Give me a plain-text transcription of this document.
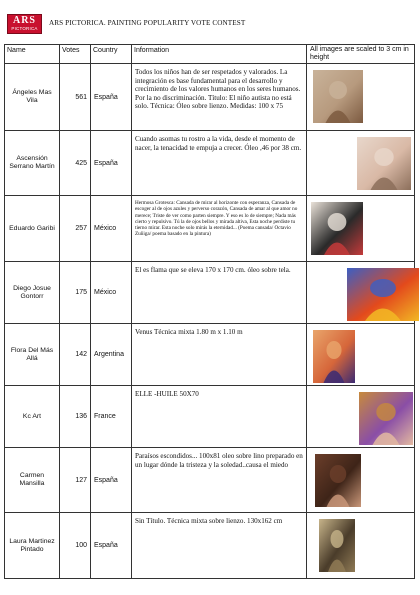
ARS
PICTORICA
ARS PICTORICA. PAINTING POPULARITY VOTE CONTEST
Name	Votes	Country	Information	All images are scaled to 3 cm in height
Ángeles Mas Vila	561	España	Todos los niños han de ser respetados y valorados. La integración es base fundamental para el desarrollo y crecimiento de los valores humanos en los seres humanos. Por la no discriminación. Título: El niño autista no está solo. Técnica: Óleo sobre lienzo. Medidas: 100 x 75	

Ascensión Serrano Martín	425	España	Cuando asomas tu rostro a la vida, desde el momento de nacer, la tenacidad te empuja a crecer. Óleo ,46 por 38 cm.	

Eduardo Garibi	257	México	Hermosa Grotesca: Cansada de mirar al horizonte con esperanza, Cansada de escoger al de ojos azules y perverso corazón, Cansada de amar al que amor no merece; Triste de ver como parten siempre. Y eso es lo de siempre; Nada más cierto y repulsivo. Tú la de ojos bellos y mirada altiva, Esta noche perdiste tu tierno mirar. Esta noche solo mirás la eternidad... (Poema cansada/ Octavio Zuñiga/ poema basado en la pintura)	

Diego Josue Gontorr	175	México	El es flama que se eleva 170 x 170 cm. óleo sobre tela.	

Flora Del Más Allá	142	Argentina	Venus Técnica mixta 1.80 m x 1.10 m	

Kc Art	136	France	ELLE -HUILE 50X70	

Carmen Mansilla	127	España	Paraísos escondidos... 100x81 oleo sobre lino preparado en un lugar dónde la tristeza y la soledad..causa el miedo	

Laura Martinez Pintado	100	España	Sin Título. Técnica mixta sobre lienzo. 130x162 cm	
